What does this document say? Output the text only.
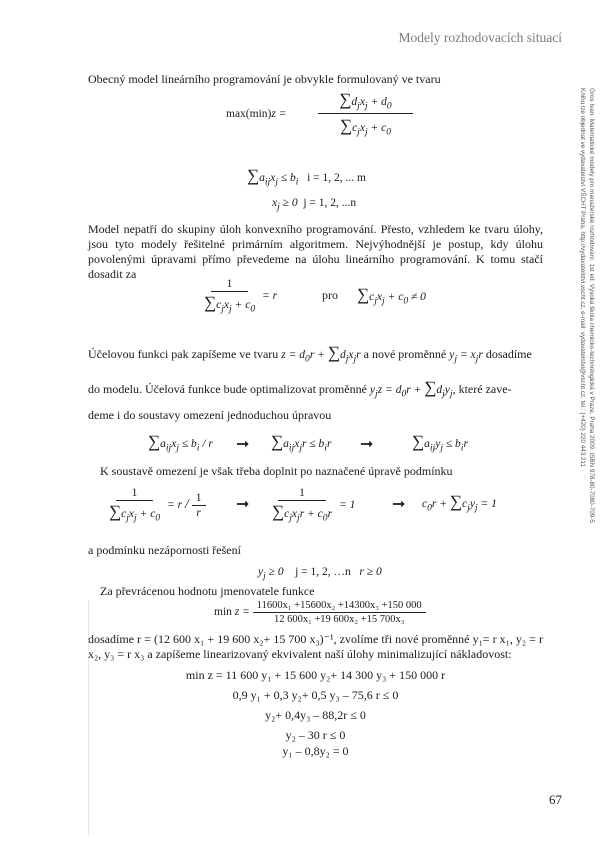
Modely rozhodovacích situací
Gros Ivan: Matematické modely pro manažerské rozhodování. 1st ed. Vysoká škola chemicko-technologická v Praze, Praha 2009. ISBN 978-80-7080-709-5
Knihu lze objednat ve vydavatelství VŠCHT Praha, http://vydavatelstvi.vscht.cz, e-mail: vydavatelstvi@vscht.cz, tel.: (+420) 220 443 211
Obecný model lineárního programování je obvykle formulovaný ve tvaru
max(min)z =
$\sum d_jx_j + d_0$
$\sum c_jx_j + c_0$
$\sum a_{ij}x_j \le b_i$ i = 1, 2, ... m
$x_j \ge 0$  j = 1, 2, ...n
Model nepatří do skupiny úloh konvexního programování. Přesto, vzhledem ke tvaru úlohy, jsou tyto modely řešitelné primárním algoritmem. Nejvýhodnější je postup, kdy úlohu povolenými úpravami přímo převedeme na úlohu lineárního programování. K tomu stačí dosadit za
$\frac{1}{\sum c_jx_j + c_0} = r$	pro $\sum c_jx_j + c_0 \ne 0$
Účelovou funkci pak zapíšeme ve tvaru $z = d_0r + \sum d_jx_jr$ a nové proměnné $y_j = x_jr$ dosadíme
do modelu. Účelová funkce bude optimalizovat proměnné $y_jz = d_0r + \sum d_jy_j$, které zave-
deme i do soustavy omezení jednoduchou úpravou
$\sum a_{ij}x_j \le b_i / r$ ➞ $\sum a_{ij}x_jr \le b_ir$ ➞ $\sum a_{ij}y_j \le b_ir$
K soustavě omezení je však třeba doplnit po naznačené úpravě podmínku
$\frac{1}{\sum c_jx_j + c_0} = r / \frac{1}{r}$ ➞ $\frac{1}{\sum c_jx_jr + c_0r} = 1$ ➞ $c_0r + \sum c_jy_j = 1$
a podmínku nezápornosti řešení
$y_j \ge 0$    j = 1, 2, …n   r ≥ 0
Za převrácenou hodnotu jmenovatele funkce
$\min z = \frac{\text{11600x₁ +15600x₂ +14300x₃ +150 000}}{\text{12 600x₁ +19 600x₂ +15 700x₃}}$
dosadíme r = (12 600 x₁ + 19 600 x₂+ 15 700 x₃)⁻¹, zvolíme tři nové proměnné y₁= r x₁, y₂ = r x₂, y₃ = r x₃ a zapíšeme linearizovaný ekvivalent naší úlohy minimalizující nákladovost:
min z = 11 600 y₁ + 15 600 y₂+ 14 300 y₃ + 150 000 r
0,9 y₁ + 0,3 y₂+ 0,5 y₃ – 75,6 r ≤ 0
y₂+ 0,4y₃ – 88,2r ≤ 0
y₂ – 30 r ≤ 0
y₁ – 0,8y₂ = 0
67
